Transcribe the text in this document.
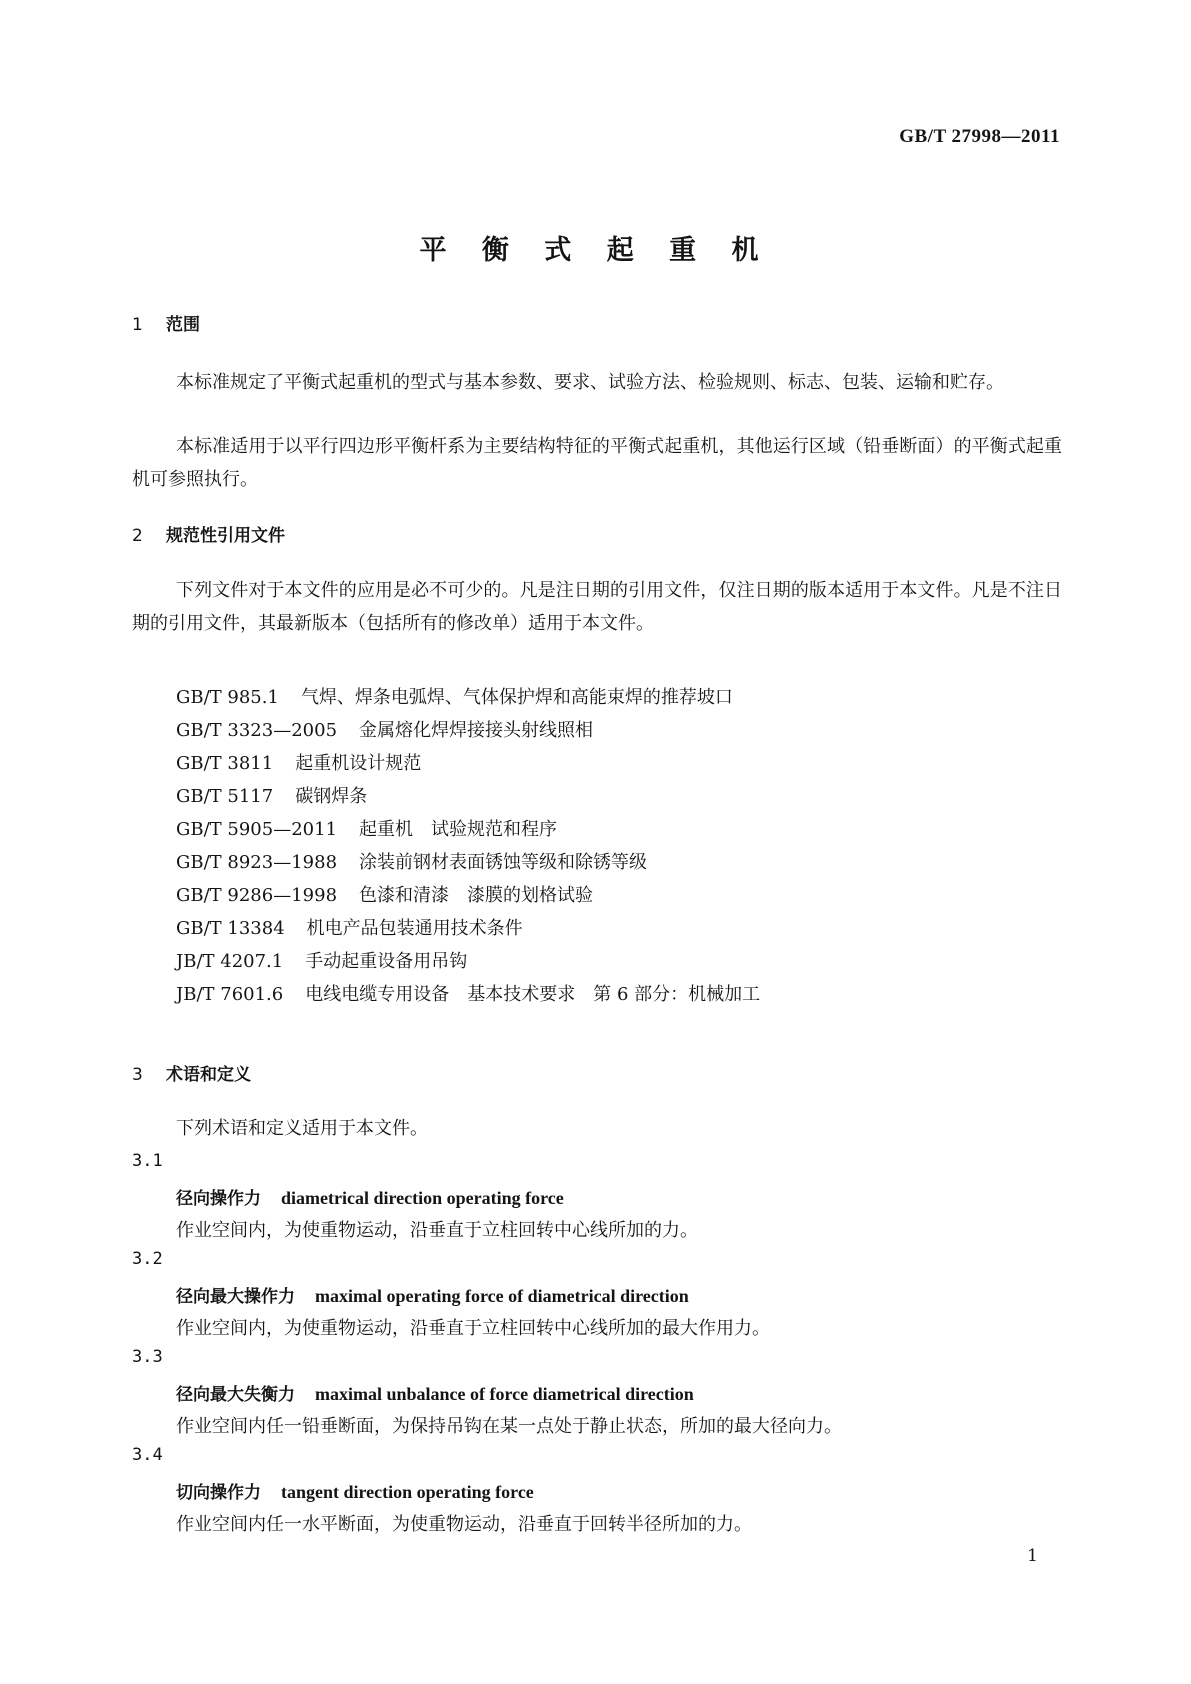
GB/T 27998—2011
平 衡 式 起 重 机
1 范围
本标准规定了平衡式起重机的型式与基本参数、要求、试验方法、检验规则、标志、包装、运输和贮存。
本标准适用于以平行四边形平衡杆系为主要结构特征的平衡式起重机，其他运行区域（铅垂断面）的平衡式起重机可参照执行。
2 规范性引用文件
下列文件对于本文件的应用是必不可少的。凡是注日期的引用文件，仅注日期的版本适用于本文件。凡是不注日期的引用文件，其最新版本（包括所有的修改单）适用于本文件。
GB/T 985.1 气焊、焊条电弧焊、气体保护焊和高能束焊的推荐坡口
GB/T 3323—2005 金属熔化焊焊接接头射线照相
GB/T 3811 起重机设计规范
GB/T 5117 碳钢焊条
GB/T 5905—2011 起重机　试验规范和程序
GB/T 8923—1988 涂装前钢材表面锈蚀等级和除锈等级
GB/T 9286—1998 色漆和清漆　漆膜的划格试验
GB/T 13384 机电产品包装通用技术条件
JB/T 4207.1 手动起重设备用吊钩
JB/T 7601.6 电线电缆专用设备　基本技术要求　第 6 部分：机械加工
3 术语和定义
下列术语和定义适用于本文件。
3.1
径向操作力 diametrical direction operating force
作业空间内，为使重物运动，沿垂直于立柱回转中心线所加的力。
3.2
径向最大操作力 maximal operating force of diametrical direction
作业空间内，为使重物运动，沿垂直于立柱回转中心线所加的最大作用力。
3.3
径向最大失衡力 maximal unbalance of force diametrical direction
作业空间内任一铅垂断面，为保持吊钩在某一点处于静止状态，所加的最大径向力。
3.4
切向操作力 tangent direction operating force
作业空间内任一水平断面，为使重物运动，沿垂直于回转半径所加的力。
1
